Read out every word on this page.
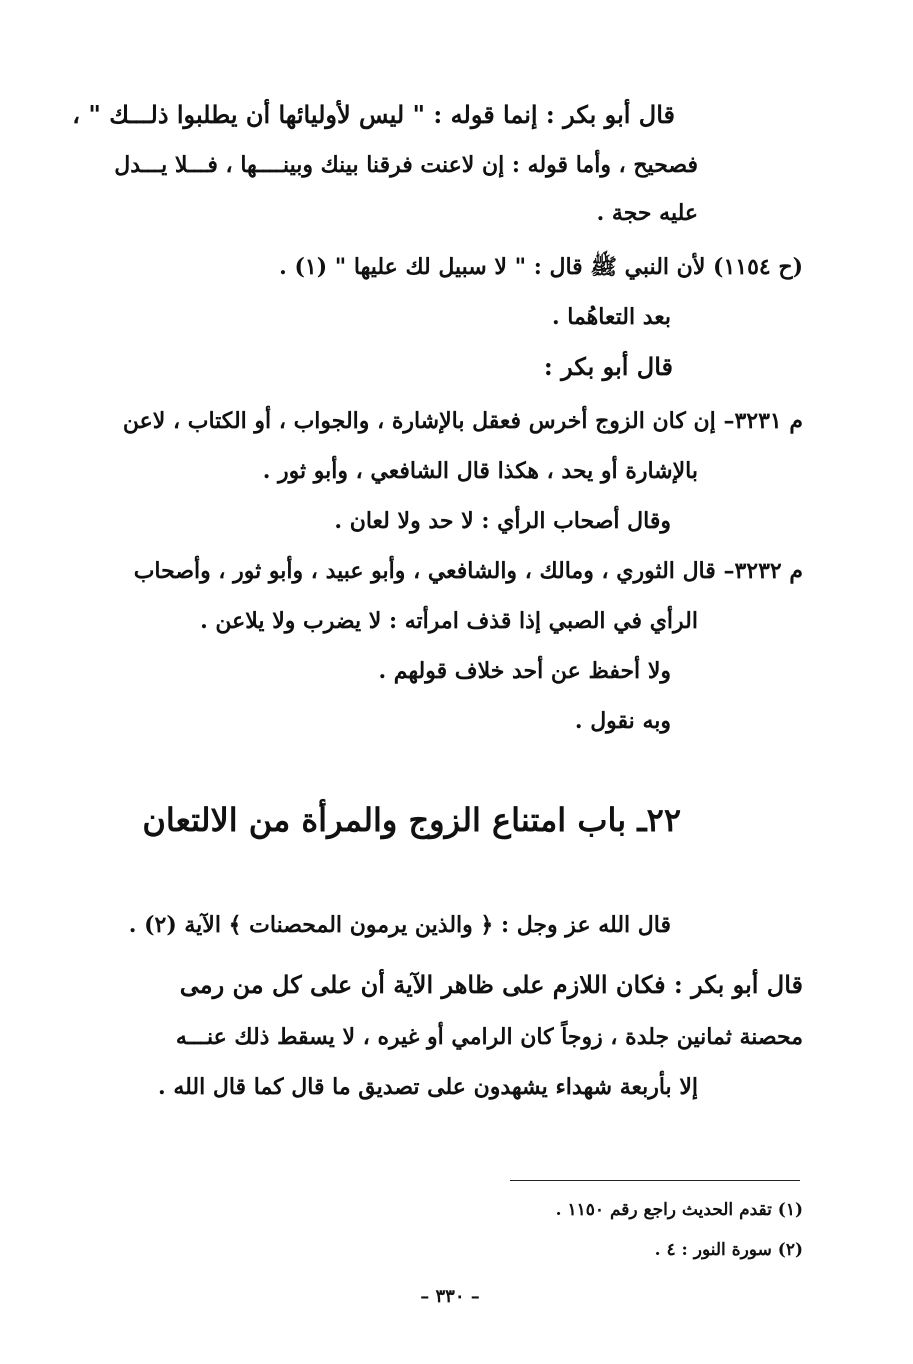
قال أبو بكر : إنما قوله : " ليس لأوليائها أن يطلبوا ذلـــك " ،
فصحيح ، وأما قوله : إن لاعنت فرقنا بينك وبينــــها ، فـــلا يـــدل
عليه حجة .
(ح ١١٥٤) لأن النبي ﷺ قال : " لا سبيل لك عليها " (١) .
بعد التعاهُما .
قال أبو بكر :
م ٣٢٣١– إن كان الزوج أخرس فعقل بالإشارة ، والجواب ، أو الكتاب ، لاعن
بالإشارة أو يحد ، هكذا قال الشافعي ، وأبو ثور .
وقال أصحاب الرأي : لا حد ولا لعان .
م ٣٢٣٢– قال الثوري ، ومالك ، والشافعي ، وأبو عبيد ، وأبو ثور ، وأصحاب
الرأي في الصبي إذا قذف امرأته : لا يضرب ولا يلاعن .
ولا أحفظ عن أحد خلاف قولهم .
وبه نقول .
٢٢ـ باب امتناع الزوج والمرأة من الالتعان
قال الله عز وجل : ﴿ والذين يرمون المحصنات ﴾ الآية (٢) .
قال أبو بكر : فكان اللازم على ظاهر الآية أن على كل من رمى
محصنة ثمانين جلدة ، زوجاً كان الرامي أو غيره ، لا يسقط ذلك عنـــه
إلا بأربعة شهداء يشهدون على تصديق ما قال كما قال الله .
(١) تقدم الحديث راجع رقم ١١٥٠ .
(٢) سورة النور : ٤ .
– ٣٣٠ –
